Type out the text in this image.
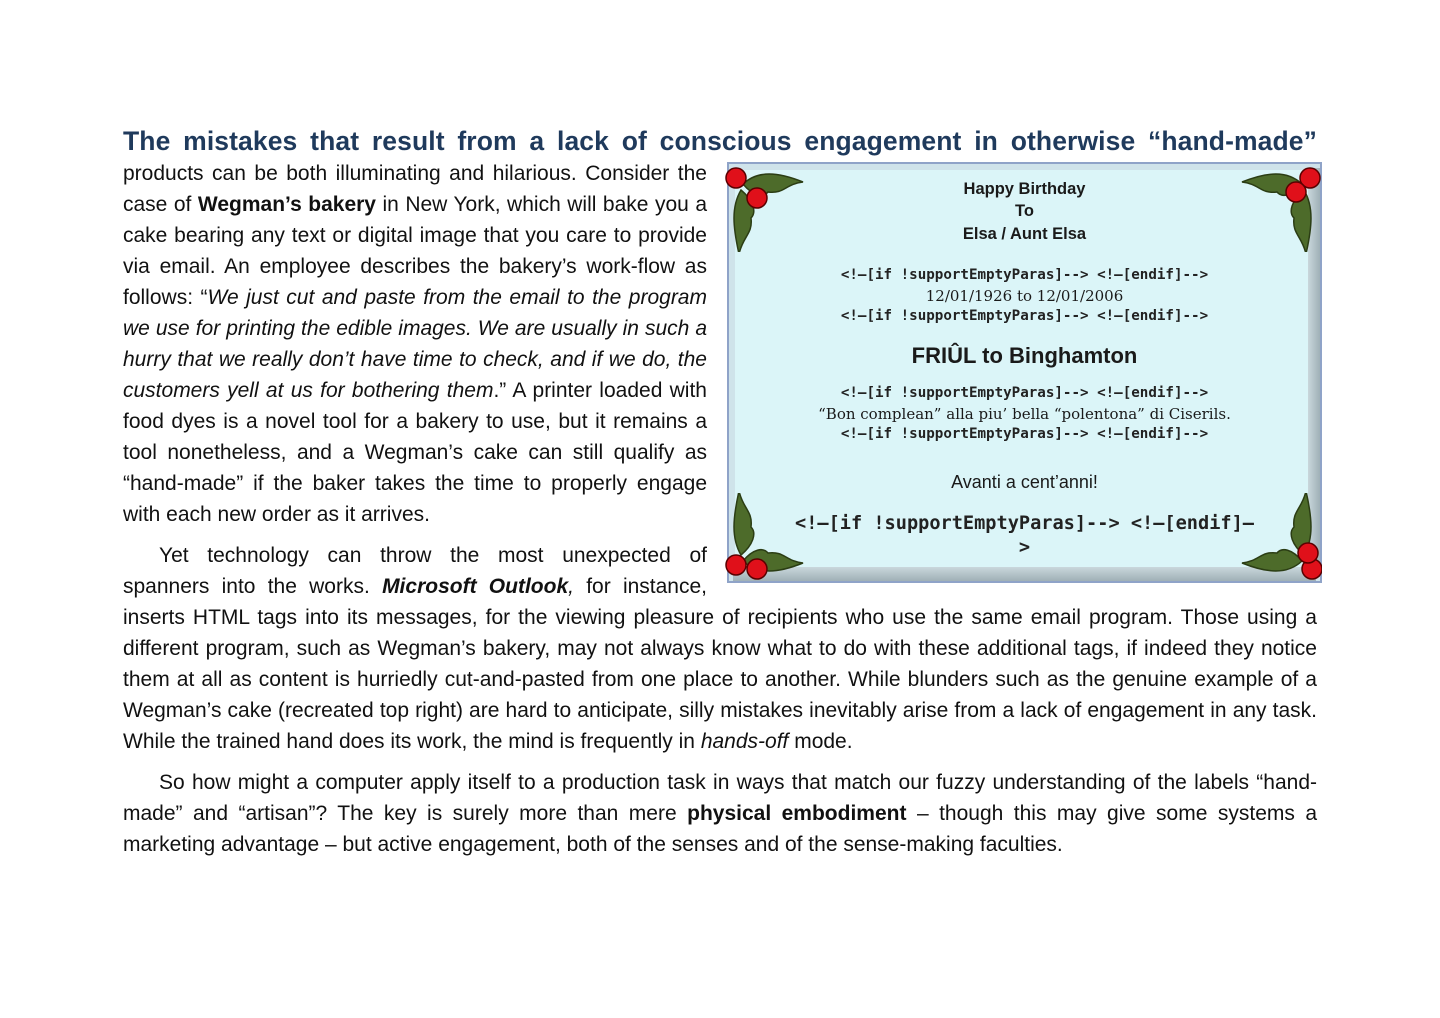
The mistakes that result from a lack of conscious engagement in otherwise “hand-made”

Happy Birthday
To
Elsa / Aunt Elsa
<!–[if !supportEmptyParas]--> <!–[endif]-->
12/01/1926 to 12/01/2006
<!–[if !supportEmptyParas]--> <!–[endif]-->
FRIÛL to Binghamton
<!–[if !supportEmptyParas]--> <!–[endif]-->
“Bon complean” alla piu’ bella “polentona” di Ciserils.
<!–[if !supportEmptyParas]--> <!–[endif]-->
Avanti a cent’anni!
<!–[if !supportEmptyParas]--> <!–[endif]–
>

products can be both illuminating and hilarious. Consider the case of Wegman’s bakery in New York, which will bake you a cake bearing any text or digital image that you care to provide via email. An employee describes the bakery’s work-flow as follows: “We just cut and paste from the email to the program we use for printing the edible images. We are usually in such a hurry that we really don’t have time to check, and if we do, the customers yell at us for bothering them.” A printer loaded with food dyes is a novel tool for a bakery to use, but it remains a tool nonetheless, and a Wegman’s cake can still qualify as “hand-made” if the baker takes the time to properly engage with each new order as it arrives.

Yet technology can throw the most unexpected of spanners into the works. Microsoft Outlook, for instance, inserts HTML tags into its messages, for the viewing pleasure of recipients who use the same email program. Those using a different program, such as Wegman’s bakery, may not always know what to do with these additional tags, if indeed they notice them at all as content is hurriedly cut-and-pasted from one place to another. While blunders such as the genuine example of a Wegman’s cake (recreated top right) are hard to anticipate, silly mistakes inevitably arise from a lack of engagement in any task. While the trained hand does its work, the mind is frequently in hands-off mode.

So how might a computer apply itself to a production task in ways that match our fuzzy understanding of the labels “hand-made” and “artisan”? The key is surely more than mere physical embodiment – though this may give some systems a marketing advantage – but active engagement, both of the senses and of the sense-making faculties.
